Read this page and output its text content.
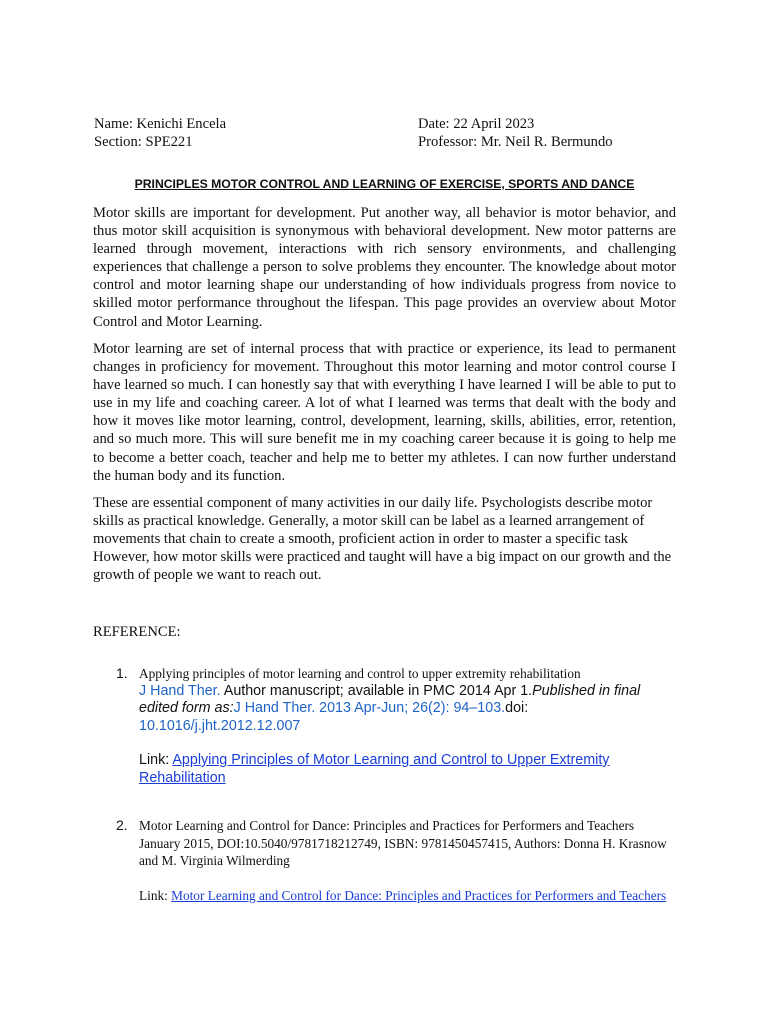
Name: Kenichi Encela
Section: SPE221
Date: 22 April 2023
Professor: Mr. Neil R. Bermundo
PRINCIPLES MOTOR CONTROL AND LEARNING OF EXERCISE, SPORTS AND DANCE

Motor skills are important for development. Put another way, all behavior is motor behavior, and thus motor skill acquisition is synonymous with behavioral development. New motor patterns are learned through movement, interactions with rich sensory environments, and challenging experiences that challenge a person to solve problems they encounter. The knowledge about motor control and motor learning shape our understanding of how individuals progress from novice to skilled motor performance throughout the lifespan. This page provides an overview about Motor Control and Motor Learning.

Motor learning are set of internal process that with practice or experience, its lead to permanent changes in proficiency for movement. Throughout this motor learning and motor control course I have learned so much. I can honestly say that with everything I have learned I will be able to put to use in my life and coaching career. A lot of what I learned was terms that dealt with the body and how it moves like motor learning, control, development, learning, skills, abilities, error, retention, and so much more. This will sure benefit me in my coaching career because it is going to help me to become a better coach, teacher and help me to better my athletes. I can now further understand the human body and its function.

These are essential component of many activities in our daily life. Psychologists describe motor skills as practical knowledge. Generally, a motor skill can be label as a learned arrangement of movements that chain to create a smooth, proficient action in order to master a specific task However, how motor skills were practiced and taught will have a big impact on our growth and the growth of people we want to reach out.

REFERENCE:
1. Applying principles of motor learning and control to upper extremity rehabilitation
J Hand Ther. Author manuscript; available in PMC 2014 Apr 1.Published in final edited form as:J Hand Ther. 2013 Apr-Jun; 26(2): 94–103.doi: 10.1016/j.jht.2012.12.007
Link: Applying Principles of Motor Learning and Control to Upper Extremity Rehabilitation
2. Motor Learning and Control for Dance: Principles and Practices for Performers and Teachers January 2015, DOI:10.5040/9781718212749, ISBN: 9781450457415, Authors: Donna H. Krasnow and M. Virginia Wilmerding
Link: Motor Learning and Control for Dance: Principles and Practices for Performers and Teachers
